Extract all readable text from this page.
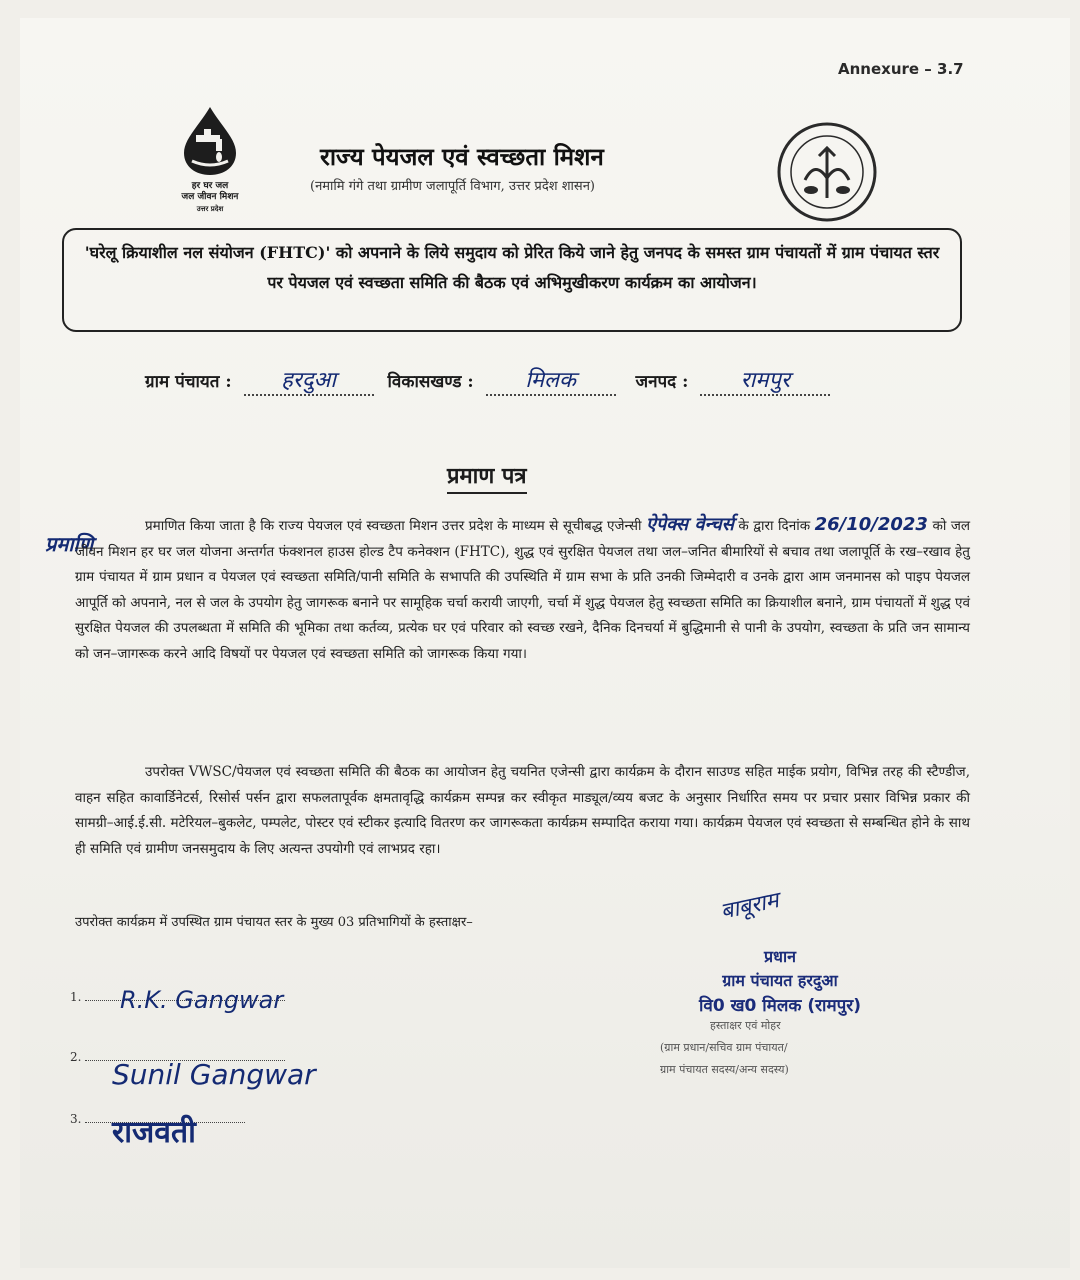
Annexure – 3.7
हर घर जल
जल जीवन मिशन
उत्तर प्रदेश
राज्य पेयजल एवं स्वच्छता मिशन
(नमामि गंगे तथा ग्रामीण जलापूर्ति विभाग, उत्तर प्रदेश शासन)
'घरेलू क्रियाशील नल संयोजन (FHTC)' को अपनाने के लिये समुदाय को प्रेरित किये जाने हेतु जनपद के समस्त ग्राम पंचायतों में ग्राम पंचायत स्तर पर पेयजल एवं स्वच्छता समिति की बैठक एवं अभिमुखीकरण कार्यक्रम का आयोजन।
ग्राम पंचायत : हरदुआ	विकासखण्ड : मिलक	जनपद : रामपुर
प्रमाण पत्र
प्रमाणि
प्रमाणित किया जाता है कि राज्य पेयजल एवं स्वच्छता मिशन उत्तर प्रदेश के माध्यम से सूचीबद्ध एजेन्सी ऐपेक्स वेन्चर्स के द्वारा दिनांक 26/10/2023 को जल जीवन मिशन हर घर जल योजना अन्तर्गत फंक्शनल हाउस होल्ड टैप कनेक्शन (FHTC), शुद्ध एवं सुरक्षित पेयजल तथा जल–जनित बीमारियों से बचाव तथा जलापूर्ति के रख–रखाव हेतु ग्राम पंचायत में ग्राम प्रधान व पेयजल एवं स्वच्छता समिति/पानी समिति के सभापति की उपस्थिति में ग्राम सभा के प्रति उनकी जिम्मेदारी व उनके द्वारा आम जनमानस को पाइप पेयजल आपूर्ति को अपनाने, नल से जल के उपयोग हेतु जागरूक बनाने पर सामूहिक चर्चा करायी जाएगी, चर्चा में शुद्ध पेयजल हेतु स्वच्छता समिति का क्रियाशील बनाने, ग्राम पंचायतों में शुद्ध एवं सुरक्षित पेयजल की उपलब्धता में समिति की भूमिका तथा कर्तव्य, प्रत्येक घर एवं परिवार को स्वच्छ रखने, दैनिक दिनचर्या में बुद्धिमानी से पानी के उपयोग, स्वच्छता के प्रति जन सामान्य को जन–जागरूक करने आदि विषयों पर पेयजल एवं स्वच्छता समिति को जागरूक किया गया।
उपरोक्त VWSC/पेयजल एवं स्वच्छता समिति की बैठक का आयोजन हेतु चयनित एजेन्सी द्वारा कार्यक्रम के दौरान साउण्ड सहित माईक प्रयोग, विभिन्न तरह की स्टैण्डीज, वाहन सहित कावार्डिनेटर्स, रिसोर्स पर्सन द्वारा सफलतापूर्वक क्षमतावृद्धि कार्यक्रम सम्पन्न कर स्वीकृत माड्यूल/व्यय बजट के अनुसार निर्धारित समय पर प्रचार प्रसार विभिन्न प्रकार की सामग्री–आई.ई.सी. मटेरियल–बुकलेट, पम्पलेट, पोस्टर एवं स्टीकर इत्यादि वितरण कर जागरूकता कार्यक्रम सम्पादित कराया गया। कार्यक्रम पेयजल एवं स्वच्छता से सम्बन्धित होने के साथ ही समिति एवं ग्रामीण जनसमुदाय के लिए अत्यन्त उपयोगी एवं लाभप्रद रहा।
उपरोक्त कार्यक्रम में उपस्थित ग्राम पंचायत स्तर के मुख्य 03 प्रतिभागियों के हस्ताक्षर–
1.	R.K. Gangwar
2.
Sunil Gangwar
3.	राजवती
बाबूराम
प्रधान
ग्राम पंचायत हरदुआ
वि0 ख0 मिलक (रामपुर)
हस्ताक्षर एवं मोहर
(ग्राम प्रधान/सचिव ग्राम पंचायत/
ग्राम पंचायत सदस्य/अन्य सदस्य)
